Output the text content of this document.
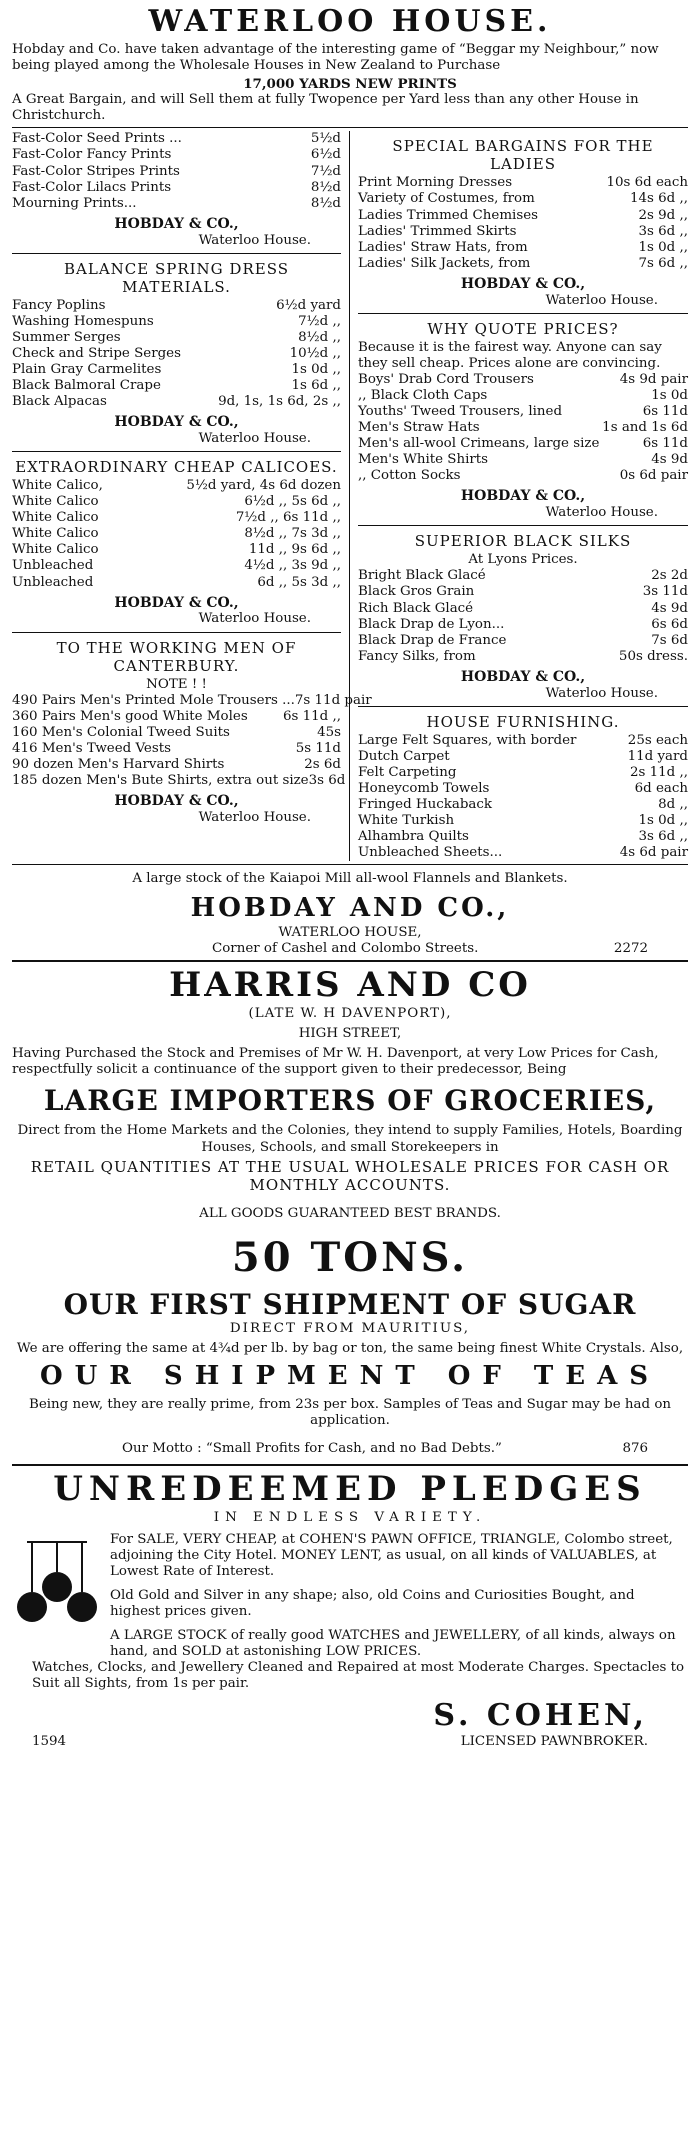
WATERLOO HOUSE.
Hobday and Co. have taken advantage of the interesting game of “Beggar my Neighbour,” now being played among the Wholesale Houses in New Zealand to Purchase
17,000 YARDS NEW PRINTS
A Great Bargain, and will Sell them at fully Twopence per Yard less than any other House in Christchurch.
Fast-Color Seed Prints ...	5½d
Fast-Color Fancy Prints	6½d
Fast-Color Stripes Prints	7½d
Fast-Color Lilacs Prints	8½d
Mourning Prints...	8½d
HOBDAY & CO.,
Waterloo House.
BALANCE SPRING DRESS MATERIALS.
Fancy Poplins	6½d yard
Washing Homespuns	7½d ,,
Summer Serges	8½d ,,
Check and Stripe Serges	10½d ,,
Plain Gray Carmelites	1s 0d ,,
Black Balmoral Crape	1s 6d ,,
Black Alpacas	9d, 1s, 1s 6d, 2s ,,
HOBDAY & CO.,
Waterloo House.
EXTRAORDINARY CHEAP CALICOES.
White Calico,	5½d yard, 4s 6d dozen
White Calico	6½d ,, 5s 6d ,,
White Calico	7½d ,, 6s 11d ,,
White Calico	8½d ,, 7s 3d ,,
White Calico	11d ,, 9s 6d ,,
Unbleached	4½d ,, 3s 9d ,,
Unbleached	6d ,, 5s 3d ,,
HOBDAY & CO.,
Waterloo House.
TO THE WORKING MEN OF CANTERBURY.
NOTE ! !
490 Pairs Men's Printed Mole Trousers ... 7s 11d pair
360 Pairs Men's good White Moles	6s 11d ,,
160 Men's Colonial Tweed Suits	45s
416 Men's Tweed Vests	5s 11d
90 dozen Men's Harvard Shirts	2s 6d
185 dozen Men's Bute Shirts, extra out size 3s 6d
HOBDAY & CO.,
Waterloo House.
SPECIAL BARGAINS FOR THE LADIES
Print Morning Dresses	10s 6d each
Variety of Costumes, from	14s 6d ,,
Ladies Trimmed Chemises	2s 9d ,,
Ladies' Trimmed Skirts	3s 6d ,,
Ladies' Straw Hats, from	1s 0d ,,
Ladies' Silk Jackets, from	7s 6d ,,
HOBDAY & CO.,
Waterloo House.
WHY QUOTE PRICES?
Because it is the fairest way. Anyone can say they sell cheap. Prices alone are convincing.
Boys' Drab Cord Trousers	4s 9d pair
,, Black Cloth Caps	1s 0d
Youths' Tweed Trousers, lined	6s 11d
Men's Straw Hats	1s and 1s 6d
Men's all-wool Crimeans, large size	6s 11d
Men's White Shirts	4s 9d
,, Cotton Socks	0s 6d pair
HOBDAY & CO.,
Waterloo House.
SUPERIOR BLACK SILKS
At Lyons Prices.
Bright Black Glacé	2s 2d
Black Gros Grain	3s 11d
Rich Black Glacé	4s 9d
Black Drap de Lyon...	6s 6d
Black Drap de France	7s 6d
Fancy Silks, from	50s dress.
HOBDAY & CO.,
Waterloo House.
HOUSE FURNISHING.
Large Felt Squares, with border	25s each
Dutch Carpet	11d yard
Felt Carpeting	2s 11d ,,
Honeycomb Towels	6d each
Fringed Huckaback	8d ,,
White Turkish	1s 0d ,,
Alhambra Quilts	3s 6d ,,
Unbleached Sheets...	4s 6d pair
A large stock of the Kaiapoi Mill all-wool Flannels and Blankets.
HOBDAY AND CO.,
WATERLOO HOUSE,
Corner of Cashel and Colombo Streets.	2272
HARRIS AND CO
(LATE W. H DAVENPORT),
HIGH STREET,
Having Purchased the Stock and Premises of Mr W. H. Davenport, at very Low Prices for Cash, respectfully solicit a continuance of the support given to their predecessor, Being
LARGE IMPORTERS OF GROCERIES,
Direct from the Home Markets and the Colonies, they intend to supply Families, Hotels, Boarding Houses, Schools, and small Storekeepers in
RETAIL QUANTITIES AT THE USUAL WHOLESALE PRICES FOR CASH OR MONTHLY ACCOUNTS.
ALL GOODS GUARANTEED BEST BRANDS.
50 TONS.
OUR FIRST SHIPMENT OF SUGAR
DIRECT FROM MAURITIUS,
We are offering the same at 4¾d per lb. by bag or ton, the same being finest White Crystals. Also,
OUR SHIPMENT OF TEAS
Being new, they are really prime, from 23s per box. Samples of Teas and Sugar may be had on application.
Our Motto : “Small Profits for Cash, and no Bad Debts.”	876
UNREDEEMED PLEDGES
IN ENDLESS VARIETY.
For SALE, VERY CHEAP, at COHEN'S PAWN OFFICE, TRIANGLE, Colombo street, adjoining the City Hotel. MONEY LENT, as usual, on all kinds of VALUABLES, at Lowest Rate of Interest.
Old Gold and Silver in any shape; also, old Coins and Curiosities Bought, and highest prices given.
A LARGE STOCK of really good WATCHES and JEWELLERY, of all kinds, always on hand, and SOLD at astonishing LOW PRICES.
Watches, Clocks, and Jewellery Cleaned and Repaired at most Moderate Charges. Spectacles to Suit all Sights, from 1s per pair.
S. COHEN,
1594	LICENSED PAWNBROKER.
